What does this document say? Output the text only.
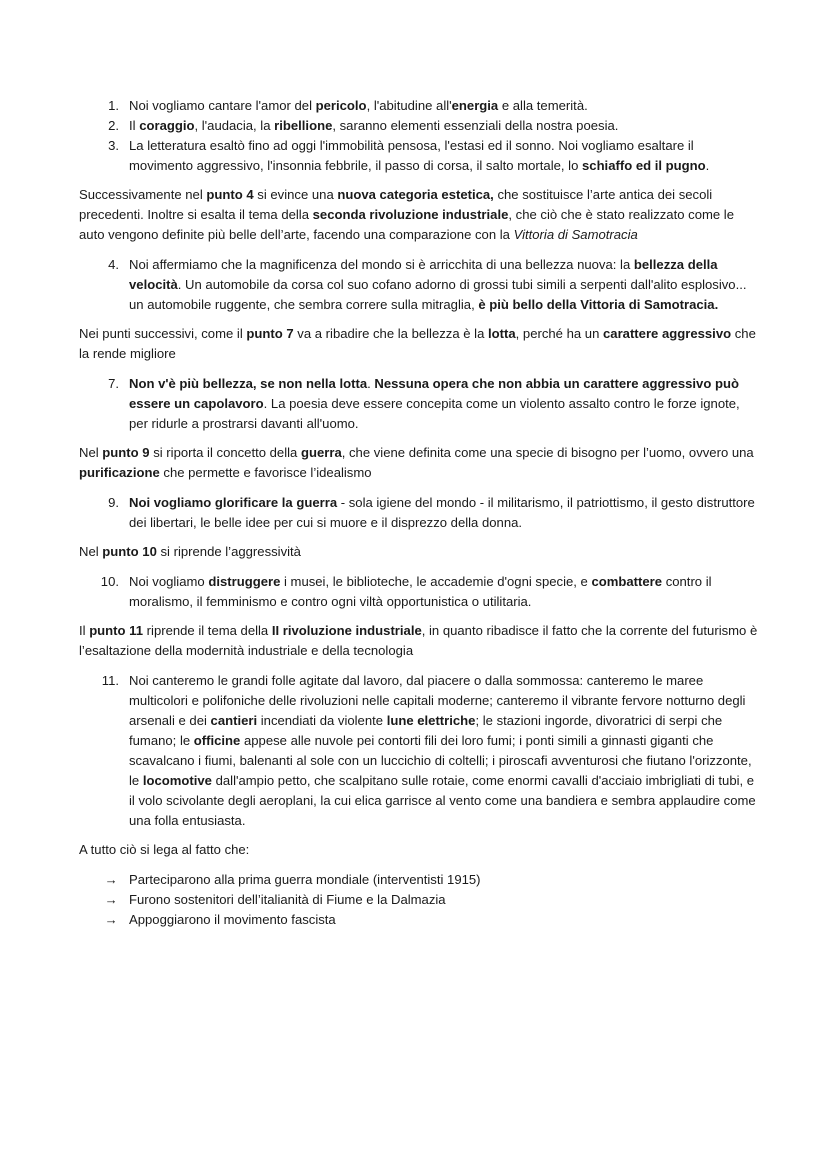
1. Noi vogliamo cantare l'amor del pericolo, l'abitudine all'energia e alla temerità.
2. Il coraggio, l'audacia, la ribellione, saranno elementi essenziali della nostra poesia.
3. La letteratura esaltò fino ad oggi l'immobilità pensosa, l'estasi ed il sonno. Noi vogliamo esaltare il movimento aggressivo, l'insonnia febbrile, il passo di corsa, il salto mortale, lo schiaffo ed il pugno.

Successivamente nel punto 4 si evince una nuova categoria estetica, che sostituisce l’arte antica dei secoli precedenti. Inoltre si esalta il tema della seconda rivoluzione industriale, che ciò che è stato realizzato come le auto vengono definite più belle dell’arte, facendo una comparazione con la Vittoria di Samotracia

4. Noi affermiamo che la magnificenza del mondo si è arricchita di una bellezza nuova: la bellezza della velocità. Un automobile da corsa col suo cofano adorno di grossi tubi simili a serpenti dall'alito esplosivo... un automobile ruggente, che sembra correre sulla mitraglia, è più bello della Vittoria di Samotracia.

Nei punti successivi, come il punto 7 va a ribadire che la bellezza è la lotta, perché ha un carattere aggressivo che la rende migliore

7. Non v'è più bellezza, se non nella lotta. Nessuna opera che non abbia un carattere aggressivo può essere un capolavoro. La poesia deve essere concepita come un violento assalto contro le forze ignote, per ridurle a prostrarsi davanti all'uomo.

Nel punto 9 si riporta il concetto della guerra, che viene definita come una specie di bisogno per l’uomo, ovvero una purificazione che permette e favorisce l’idealismo

9. Noi vogliamo glorificare la guerra - sola igiene del mondo - il militarismo, il patriottismo, il gesto distruttore dei libertari, le belle idee per cui si muore e il disprezzo della donna.

Nel punto 10 si riprende l’aggressività

10. Noi vogliamo distruggere i musei, le biblioteche, le accademie d'ogni specie, e combattere contro il moralismo, il femminismo e contro ogni viltà opportunistica o utilitaria.

Il punto 11 riprende il tema della II rivoluzione industriale, in quanto ribadisce il fatto che la corrente del futurismo è l’esaltazione della modernità industriale e della tecnologia

11. Noi canteremo le grandi folle agitate dal lavoro, dal piacere o dalla sommossa: canteremo le maree multicolori e polifoniche delle rivoluzioni nelle capitali moderne; canteremo il vibrante fervore notturno degli arsenali e dei cantieri incendiati da violente lune elettriche; le stazioni ingorde, divoratrici di serpi che fumano; le officine appese alle nuvole pei contorti fili dei loro fumi; i ponti simili a ginnasti giganti che scavalcano i fiumi, balenanti al sole con un luccichio di coltelli; i piroscafi avventurosi che fiutano l'orizzonte, le locomotive dall'ampio petto, che scalpitano sulle rotaie, come enormi cavalli d'acciaio imbrigliati di tubi, e il volo scivolante degli aeroplani, la cui elica garrisce al vento come una bandiera e sembra applaudire come una folla entusiasta.

A tutto ciò si lega al fatto che:

→ Parteciparono alla prima guerra mondiale (interventisti 1915)
→ Furono sostenitori dell’italianità di Fiume e la Dalmazia
→ Appoggiarono il movimento fascista
